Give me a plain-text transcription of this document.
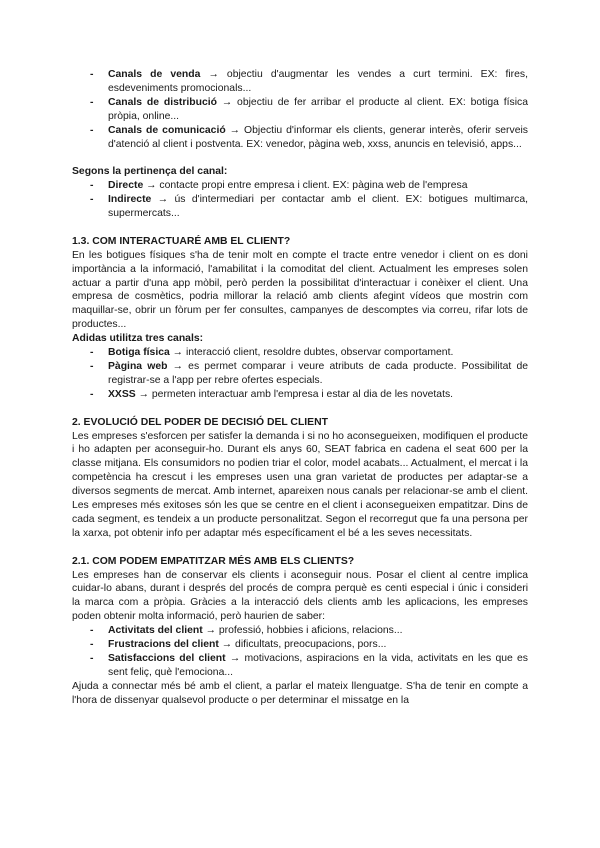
- Canals de venda → objectiu d'augmentar les vendes a curt termini. EX: fires, esdeveniments promocionals...
- Canals de distribució → objectiu de fer arribar el producte al client. EX: botiga física pròpia, online...
- Canals de comunicació → Objectiu d'informar els clients, generar interès, oferir serveis d'atenció al client i postventa. EX: venedor, pàgina web, xxss, anuncis en televisió, apps...

Segons la pertinença del canal:

- Directe → contacte propi entre empresa i client. EX: pàgina web de l'empresa
- Indirecte → ús d'intermediari per contactar amb el client. EX: botigues multimarca, supermercats...

1.3. COM INTERACTUARÉ AMB EL CLIENT?

En les botigues físiques s'ha de tenir molt en compte el tracte entre venedor i client on es doni importància a la informació, l'amabilitat i la comoditat del client. Actualment les empreses solen actuar a partir d'una app mòbil, però perden la possibilitat d'interactuar i conèixer el client. Una empresa de cosmètics, podria millorar la relació amb clients afegint vídeos que mostrin com maquillar-se, obrir un fòrum per fer consultes, campanyes de descomptes via correu, rifar lots de productes...

Adidas utilitza tres canals:

- Botiga física → interacció client, resoldre dubtes, observar comportament.
- Pàgina web → es permet comparar i veure atributs de cada producte. Possibilitat de registrar-se a l'app per rebre ofertes especials.
- XXSS → permeten interactuar amb l'empresa i estar al dia de les novetats.

2. EVOLUCIÓ DEL PODER DE DECISIÓ DEL CLIENT

Les empreses s'esforcen per satisfer la demanda i si no ho aconsegueixen, modifiquen el producte i ho adapten per aconseguir-ho. Durant els anys 60, SEAT fabrica en cadena el seat 600 per la classe mitjana. Els consumidors no podien triar el color, model acabats... Actualment, el mercat i la competència ha crescut i les empreses usen una gran varietat de productes per adaptar-se a diversos segments de mercat. Amb internet, apareixen nous canals per relacionar-se amb el client. Les empreses més exitoses són les que se centre en el client i aconsegueixen empatitzar. Dins de cada segment, es tendeix a un producte personalitzat. Segon el recorregut que fa una persona per la xarxa, pot obtenir info per adaptar més específicament el bé a les seves necessitats.

2.1. COM PODEM EMPATITZAR MÉS AMB ELS CLIENTS?

Les empreses han de conservar els clients i aconseguir nous. Posar el client al centre implica cuidar-lo abans, durant i després del procés de compra perquè es centi especial i únic i consideri la marca com a pròpia. Gràcies a la interacció dels clients amb les aplicacions, les empreses poden obtenir molta informació, però haurien de saber:

- Activitats del client → professió, hobbies i aficions, relacions...
- Frustracions del client → dificultats, preocupacions, pors...
- Satisfaccions del client → motivacions, aspiracions en la vida, activitats en les que es sent feliç, què l'emociona...

Ajuda a connectar més bé amb el client, a parlar el mateix llenguatge. S'ha de tenir en compte a l'hora de dissenyar qualsevol producte o per determinar el missatge en la
